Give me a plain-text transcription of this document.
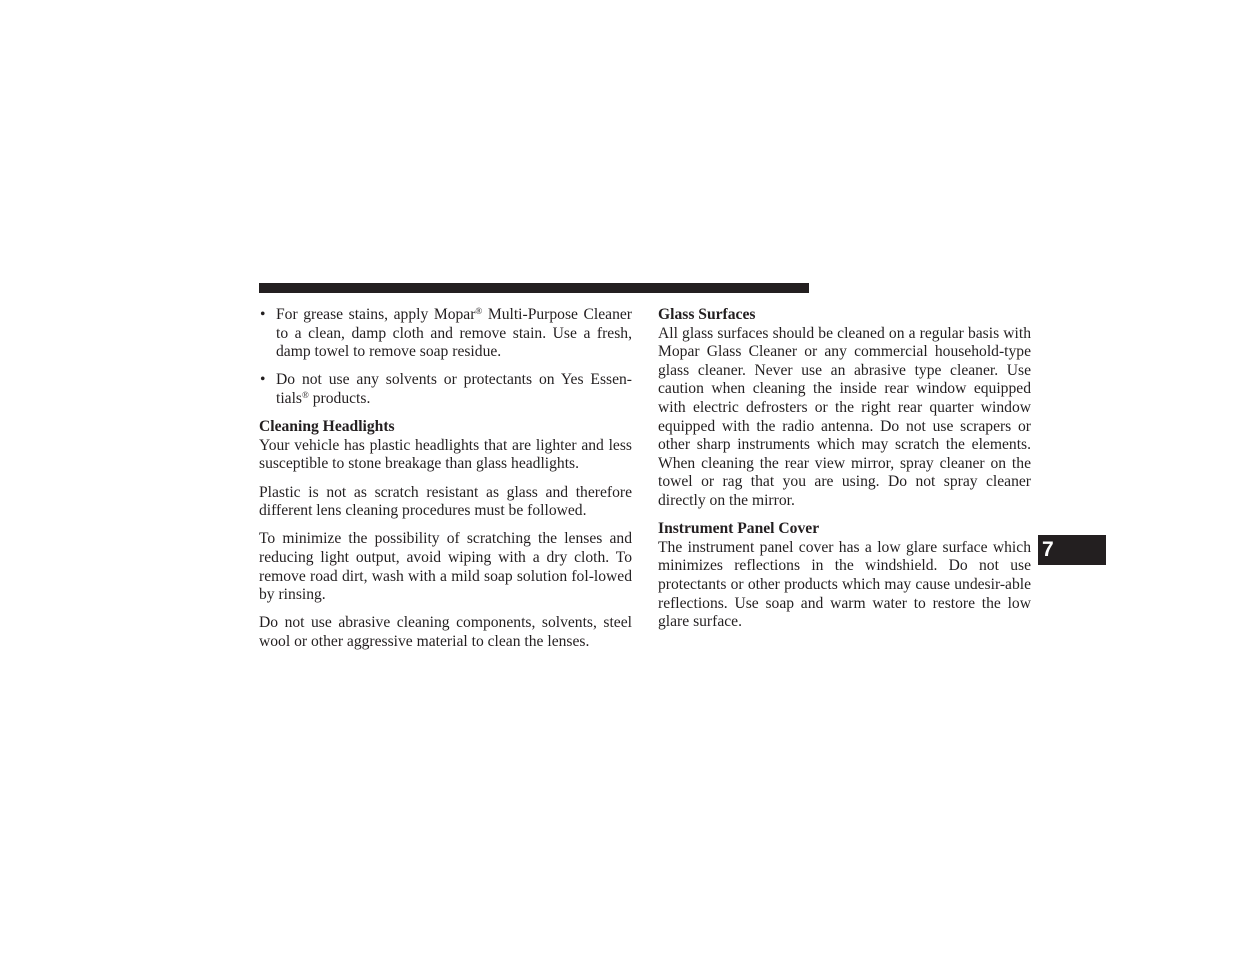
• For grease stains, apply Mopar® Multi-Purpose Cleaner to a clean, damp cloth and remove stain. Use a fresh, damp towel to remove soap residue.
• Do not use any solvents or protectants on Yes Essen-tials® products.
Cleaning Headlights

Your vehicle has plastic headlights that are lighter and less susceptible to stone breakage than glass headlights.

Plastic is not as scratch resistant as glass and therefore different lens cleaning procedures must be followed.

To minimize the possibility of scratching the lenses and reducing light output, avoid wiping with a dry cloth. To remove road dirt, wash with a mild soap solution fol-lowed by rinsing.

Do not use abrasive cleaning components, solvents, steel wool or other aggressive material to clean the lenses.

Glass Surfaces

All glass surfaces should be cleaned on a regular basis with Mopar Glass Cleaner or any commercial household-type glass cleaner. Never use an abrasive type cleaner. Use caution when cleaning the inside rear window equipped with electric defrosters or the right rear quarter window equipped with the radio antenna. Do not use scrapers or other sharp instruments which may scratch the elements. When cleaning the rear view mirror, spray cleaner on the towel or rag that you are using. Do not spray cleaner directly on the mirror.

Instrument Panel Cover

The instrument panel cover has a low glare surface which minimizes reflections in the windshield. Do not use protectants or other products which may cause undesir-able reflections. Use soap and warm water to restore the low glare surface.

7
